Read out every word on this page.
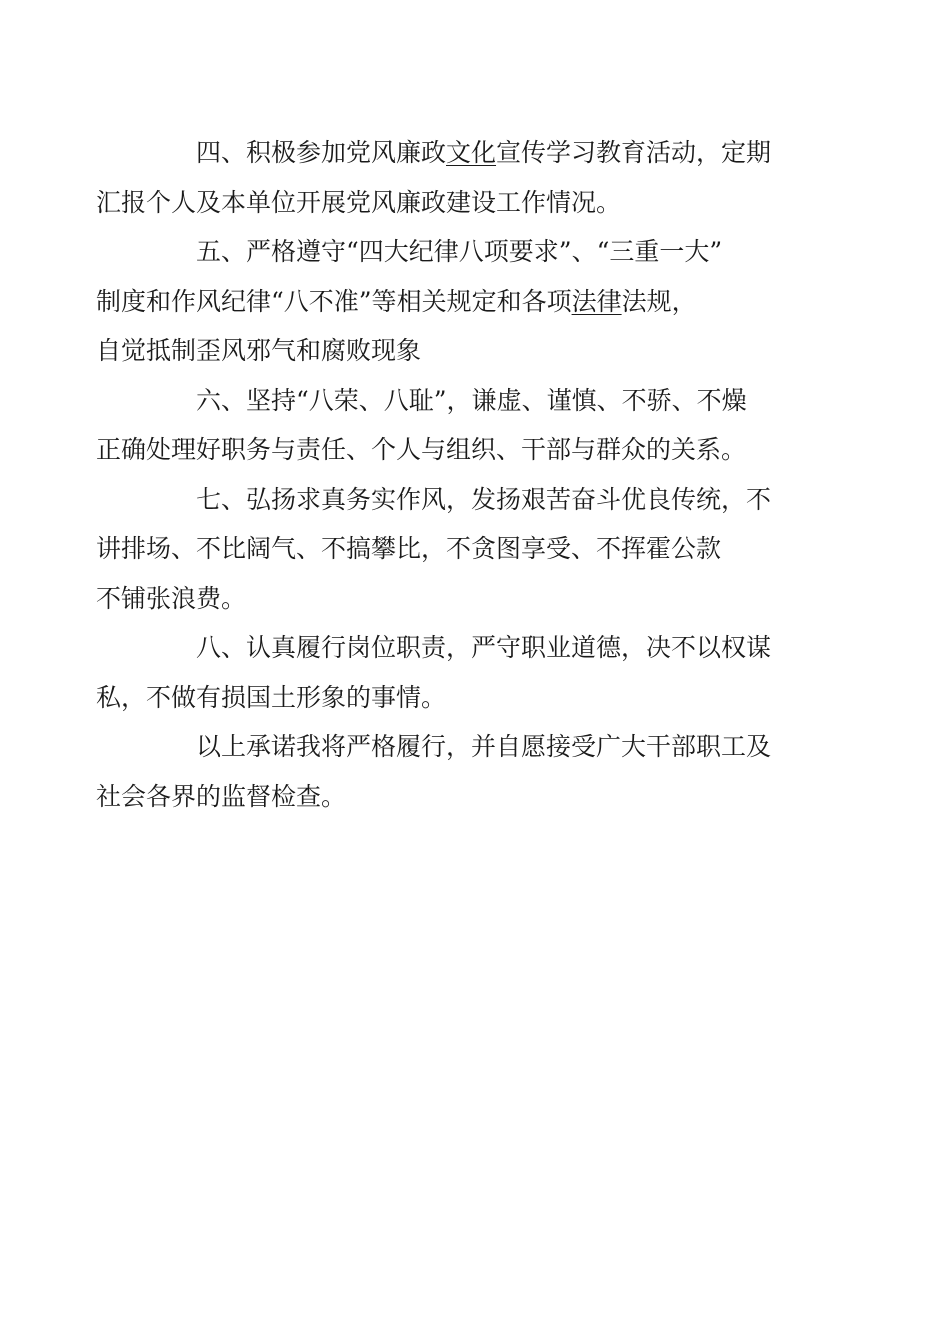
四、积极参加党风廉政文化宣传学习教育活动，定期
汇报个人及本单位开展党风廉政建设工作情况。

五、严格遵守“四大纪律八项要求”、“三重一大”
制度和作风纪律“八不准”等相关规定和各项法律法规，
自觉抵制歪风邪气和腐败现象

六、坚持“八荣、八耻”，谦虚、谨慎、不骄、不燥
正确处理好职务与责任、个人与组织、干部与群众的关系。

七、弘扬求真务实作风，发扬艰苦奋斗优良传统，不
讲排场、不比阔气、不搞攀比，不贪图享受、不挥霍公款
不铺张浪费。

八、认真履行岗位职责，严守职业道德，决不以权谋
私，不做有损国土形象的事情。

以上承诺我将严格履行，并自愿接受广大干部职工及
社会各界的监督检查。
